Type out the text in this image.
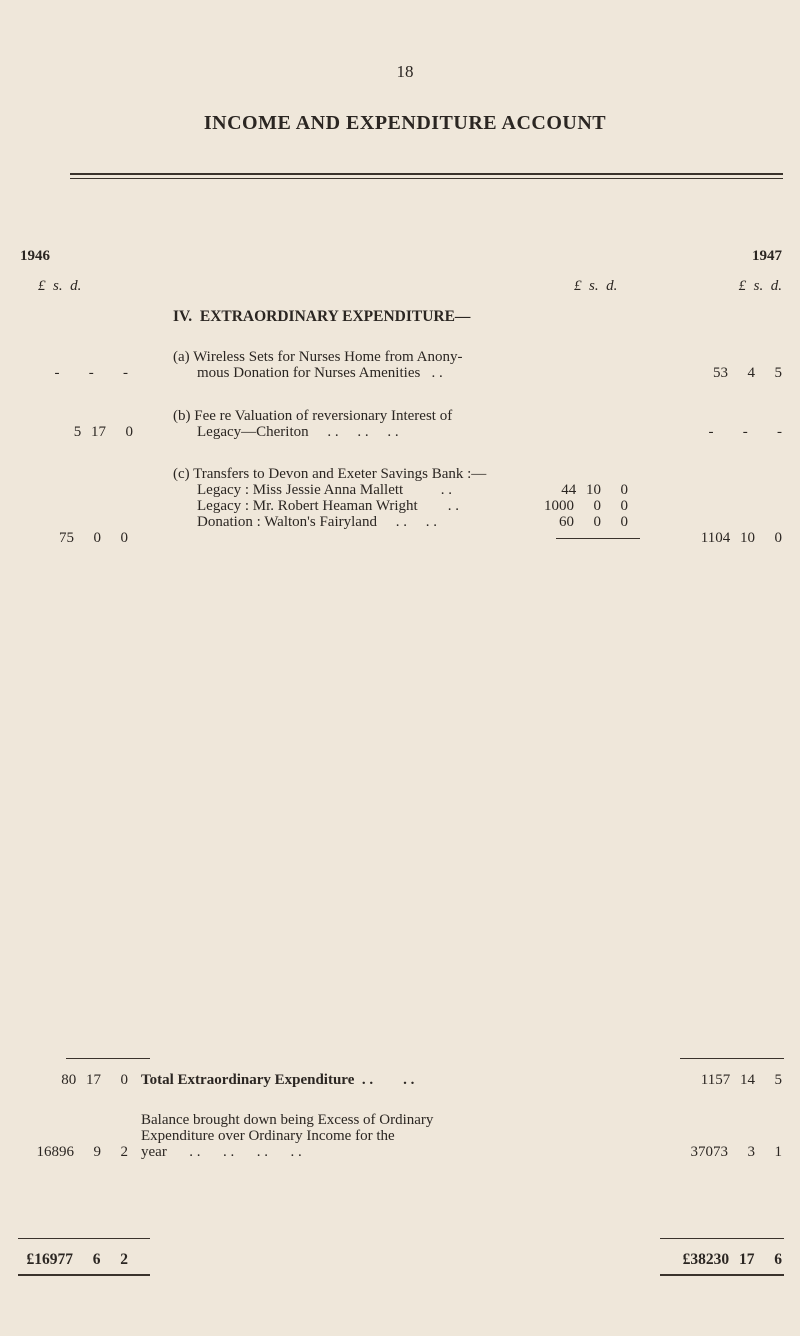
18
INCOME AND EXPENDITURE ACCOUNT
1946	1947
£  s.  d.	£  s.  d.	£  s.  d.
IV.  EXTRAORDINARY EXPENDITURE—
(a) Wireless Sets for Nurses Home from Anony-
mous Donation for Nurses Amenities   . .
-   -   -	53  4  5
(b) Fee re Valuation of reversionary Interest of
Legacy—Cheriton     . .     . .     . .
5 17  0	-   -   -
(c) Transfers to Devon and Exeter Savings Bank :—
Legacy : Miss Jessie Anna Mallett          . .	44 10  0
Legacy : Mr. Robert Heaman Wright        . .	1000  0  0
Donation : Walton's Fairyland     . .     . .	60  0  0
75  0  0	1104 10  0
80 17  0 Total Extraordinary Expenditure  . .        . .	1157 14  5
Balance brought down being Excess of Ordinary
Expenditure over Ordinary Income for the
year      . .      . .      . .      . .
16896  9  2	37073  3  1
£16977  6  2	£38230 17  6
